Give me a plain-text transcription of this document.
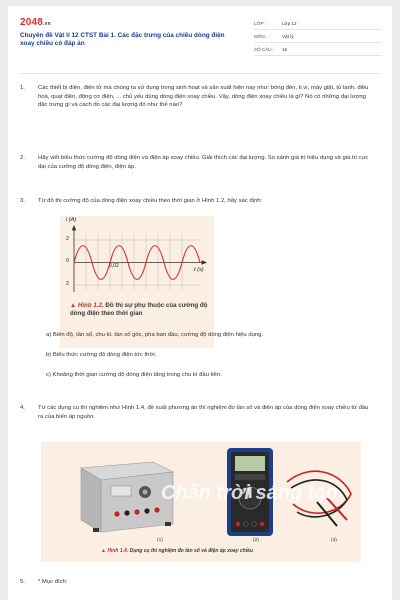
2048.vn
Chuyên đề Vật lí 12 CTST Bài 1. Các đặc trưng của chiều dòng điện xoay chiều có đáp án
LỚP :	Lớp 12
MÔN :	Vật lý
SỐ CÂU :	16
1.	Các thiết bị điện, điện tử mà chúng ta sử dụng trong sinh hoạt và sản xuất hiện nay như: bóng đèn, ti vi, máy giặt, tủ lạnh, điều hoà, quạt điện, động cơ điện, ... chủ yếu dùng dòng điện xoay chiều. Vậy, dòng điện xoay chiều là gì? Nó có những đại lượng đặc trưng gì và cách đo các đại lượng đó như thế nào?
2.	Hãy viết biểu thức cường độ dòng điện và điện áp xoay chiều. Giải thích các đại lượng. So sánh giá trị hiệu dụng và giá trị cực đại của cường độ dòng điện, điện áp.
3.	Từ đồ thị cường độ của dòng điện xoay chiều theo thời gian ở Hình 1.2, hãy xác định:
i (A)
t (s)
0,02
2
0
2
▲ Hình 1.2. Đồ thị sự phụ thuộc của cường độ dòng điện theo thời gian
a) Biên độ, tần số, chu kì, tần số góc, pha ban đầu, cường độ dòng điện hiệu dụng.
b) Biểu thức cường độ dòng điện tức thời.
c) Khoảng thời gian cường độ dòng điện tăng trong chu kì đầu tiên.
4.	Từ các dụng cụ thí nghiệm như Hình 1.4, đề xuất phương án thí nghiệm đo tần số và điện áp của dòng điện xoay chiều từ đầu ra của biến áp nguồn.
Chân trời sáng tạo
(1)	(2)	(3)
▲ Hình 1.4. Dụng cụ thí nghiệm đo tần số và điện áp xoay chiều
5.	* Mục đích:
